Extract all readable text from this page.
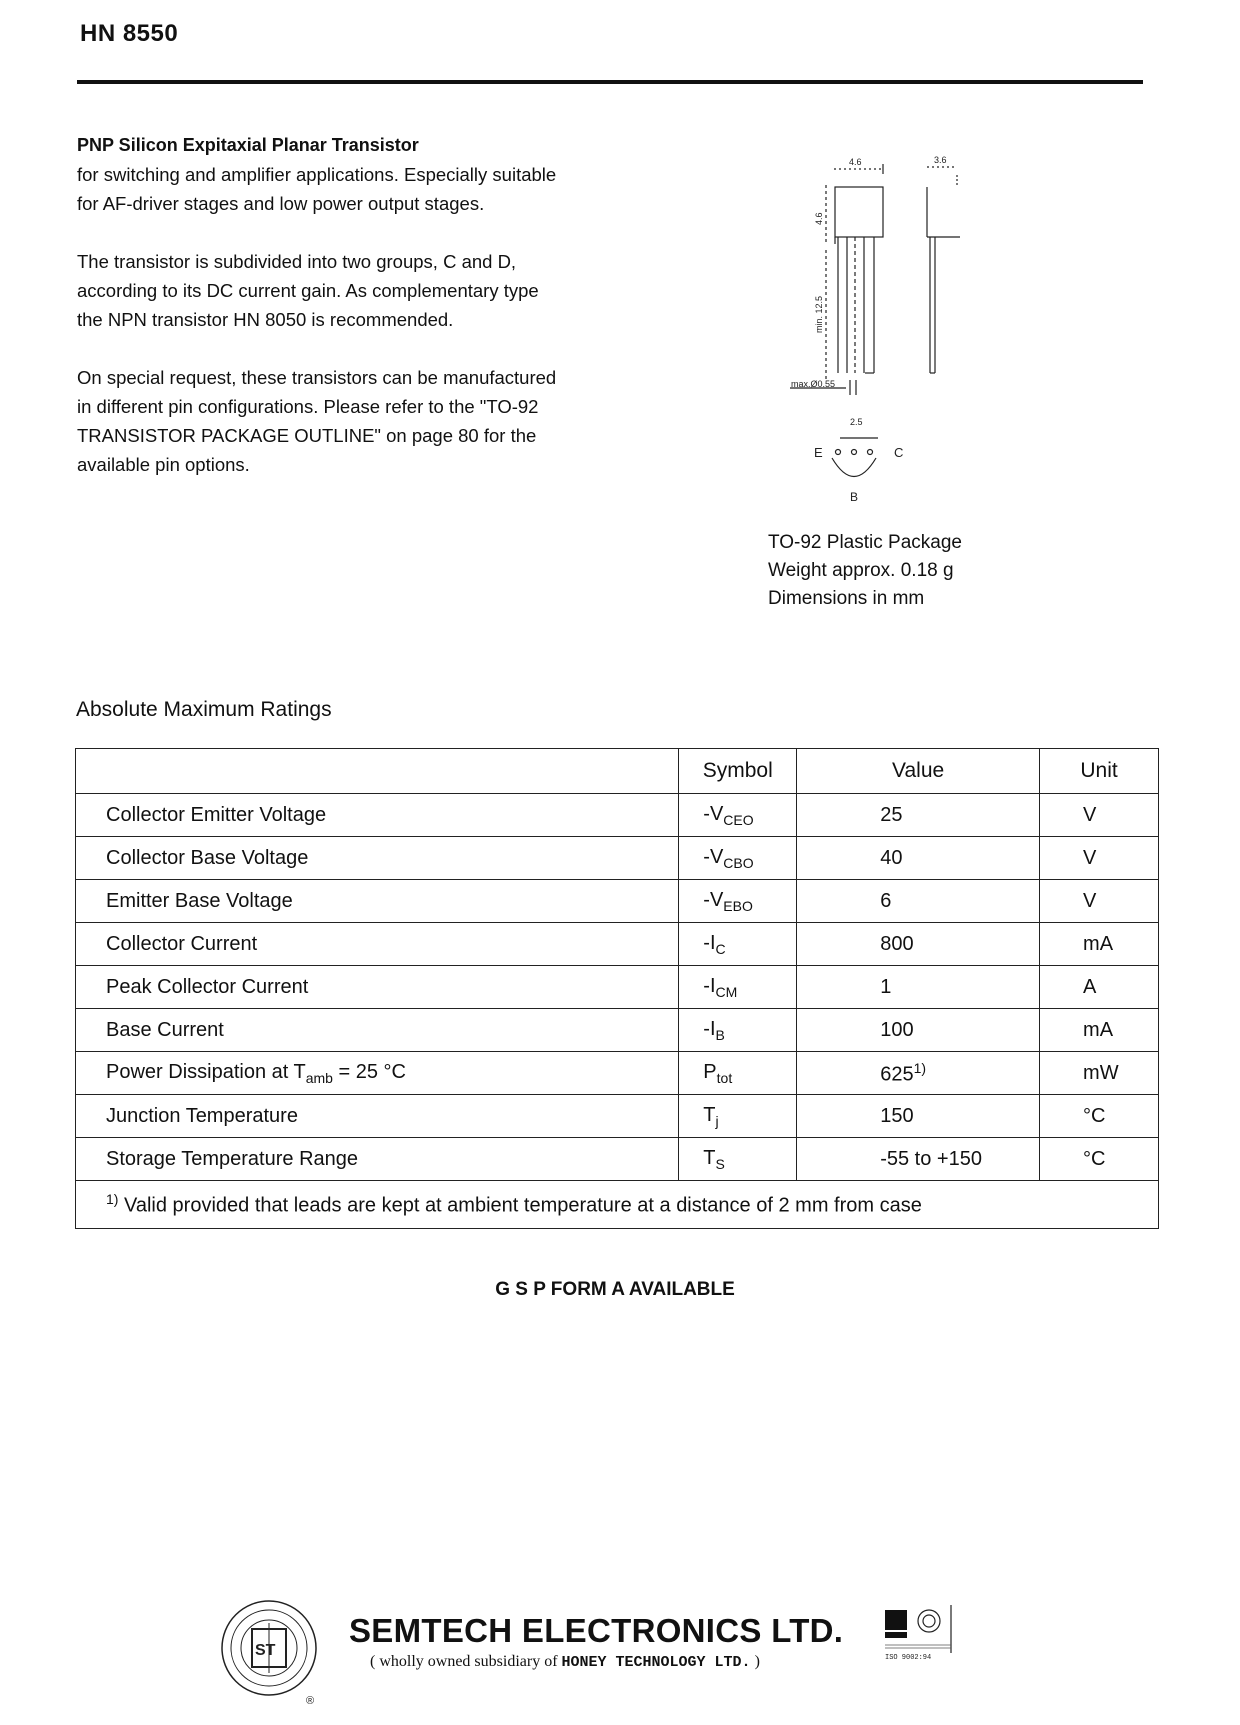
HN 8550

PNP Silicon Expitaxial Planar Transistor
for switching and amplifier applications. Especially suitable
for AF-driver stages and low power output stages.

The transistor is subdivided into two groups, C and D,
according to its DC current gain. As complementary type
the NPN transistor HN 8050 is recommended.

On special request, these transistors can be manufactured
in different pin configurations. Please refer to the "TO-92
TRANSISTOR PACKAGE OUTLINE" on page 80 for the
available pin options.

4.6	3.6
4.6
min. 12.5
max.Ø0.55
2.5
E	C
B
TO-92 Plastic Package
Weight approx. 0.18 g
Dimensions in mm
Absolute Maximum Ratings
	Symbol	Value	Unit
Collector Emitter Voltage	$-V_{CEO}$	25	V
Collector Base Voltage	$-V_{CBO}$	40	V
Emitter Base Voltage	$-V_{EBO}$	6	V
Collector Current	$-I_C$	800	mA
Peak Collector Current	$-I_{CM}$	1	A
Base Current	$-I_B$	100	mA
Power Dissipation at $T_{amb} = 25$ °C	$P_{tot}$	625$^{1)}$	mW
Junction Temperature	$T_j$	150	°C
Storage Temperature Range	$T_S$	-55 to +150	°C
$^{1)}$ Valid provided that leads are kept at ambient temperature at a distance of 2 mm from case			
G S P FORM A AVAILABLE
ST
®
SEMTECH ELECTRONICS LTD.
( wholly owned subsidiary of HONEY TECHNOLOGY LTD. )	ISO 9002:94
